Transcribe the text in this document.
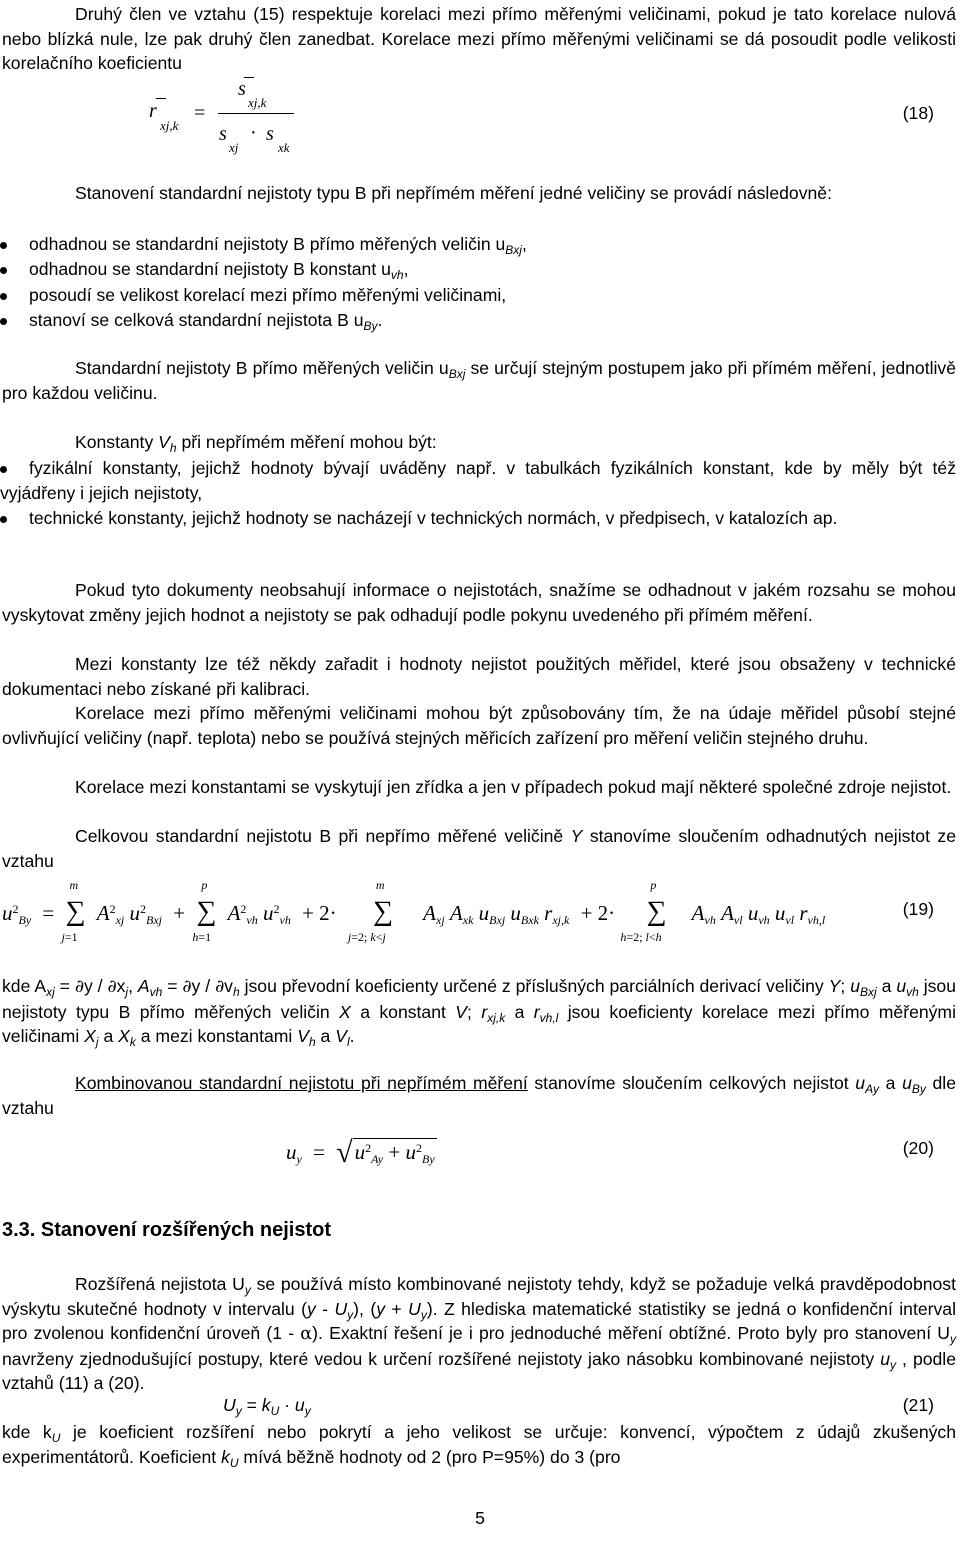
Druhý člen ve vztahu (15) respektuje korelaci mezi přímo měřenými veličinami, pokud je tato korelace nulová nebo blízká nule, lze pak druhý člen zanedbat. Korelace mezi přímo měřenými veličinami se dá posoudit podle velikosti korelačního koeficientu

r
xj,k
=
s
xj,k
s
xj
· s
xk
(18)

Stanovení standardní nejistoty typu B při nepřímém měření jedné veličiny se provádí následovně:

odhadnou se standardní nejistoty B přímo měřených veličin $u_{Bxj}$,
odhadnou se standardní nejistoty B konstant $u_{vh}$,
posoudí se velikost korelací mezi přímo měřenými veličinami,
stanoví se celková standardní nejistota B $u_{By}$.

Standardní nejistoty B přímo měřených veličin $u_{Bxj}$ se určují stejným postupem jako při přímém měření, jednotlivě pro každou veličinu.

Konstanty $V_h$ při nepřímém měření mohou být:

fyzikální konstanty, jejichž hodnoty bývají uváděny např. v tabulkách fyzikálních konstant, kde by měly být též vyjádřeny i jejich nejistoty,
technické konstanty, jejichž hodnoty se nacházejí v technických normách, v předpisech, v katalozích ap.

Pokud tyto dokumenty neobsahují informace o nejistotách, snažíme se odhadnout v jakém rozsahu se mohou vyskytovat změny jejich hodnot a nejistoty se pak odhadují podle pokynu uvedeného při přímém měření.

Mezi konstanty lze též někdy zařadit i hodnoty nejistot použitých měřidel, které jsou obsaženy v technické dokumentaci nebo získané při kalibraci.

Korelace mezi přímo měřenými veličinami mohou být způsobovány tím, že na údaje měřidel působí stejné ovlivňující veličiny (např. teplota) nebo se používá stejných měřicích zařízení pro měření veličin stejného druhu.

Korelace mezi konstantami se vyskytují jen zřídka a jen v případech pokud mají některé společné zdroje nejistot.

Celkovou standardní nejistotu B při nepřímo měřené veličině Y stanovíme sloučením odhadnutých nejistot ze vztahu

$u^2_{By}$ = ∑
m
j=1
$A^2_{xj}$ $u^2_{Bxj}$ + ∑
p
h=1
$A^2_{vh}$ $u^2_{vh} + 2\cdot$ ∑
m
j=2; k<j
$A_{xj}$ $A_{xk}$ $u_{Bxj}$ $u_{Bxk}$ $r_{xj,k} + 2\cdot$ ∑
p
h=2; l<h
$A_{vh}$ $A_{vl}$ $u_{vh}$ $u_{vl}$ $r_{vh,l}$
(19)

kde $A_{xj} = \partial y / \partial x_j$, $A_{vh} = \partial y / \partial v_h$ jsou převodní koeficienty určené z příslušných parciálních derivací veličiny Y; $u_{Bxj}$ a $u_{vh}$ jsou nejistoty typu B přímo měřených veličin X a konstant V; $r_{xj,k}$ a $r_{vh,l}$ jsou koeficienty korelace mezi přímo měřenými veličinami $X_j$ a $X_k$ a mezi konstantami $V_h$ a $V_l$.

Kombinovanou standardní nejistotu při nepřímém měření stanovíme sloučením celkových nejistot $u_{Ay}$ a $u_{By}$ dle vztahu

$u_y = √u^2_{Ay} + u^2_{By}$
(20)
3.3. Stanovení rozšířených nejistot

Rozšířená nejistota $U_y$ se používá místo kombinované nejistoty tehdy, když se požaduje velká pravděpodobnost výskytu skutečné hodnoty v intervalu $(y - U_y)$, $(y + U_y)$. Z hlediska matematické statistiky se jedná o konfidenční interval pro zvolenou konfidenční úroveň (1 - α). Exaktní řešení je i pro jednoduché měření obtížné. Proto byly pro stanovení $U_y$ navrženy zjednodušující postupy, které vedou k určení rozšířené nejistoty jako násobku kombinované nejistoty $u_y$ , podle vztahů (11) a (20).

$U_y = k_U \cdot u_y$	(21)

kde $k_U$ je koeficient rozšíření nebo pokrytí a jeho velikost se určuje: konvencí, výpočtem z údajů zkušených experimentátorů. Koeficient $k_U$ mívá běžně hodnoty od 2 (pro P=95%) do 3 (pro

5
